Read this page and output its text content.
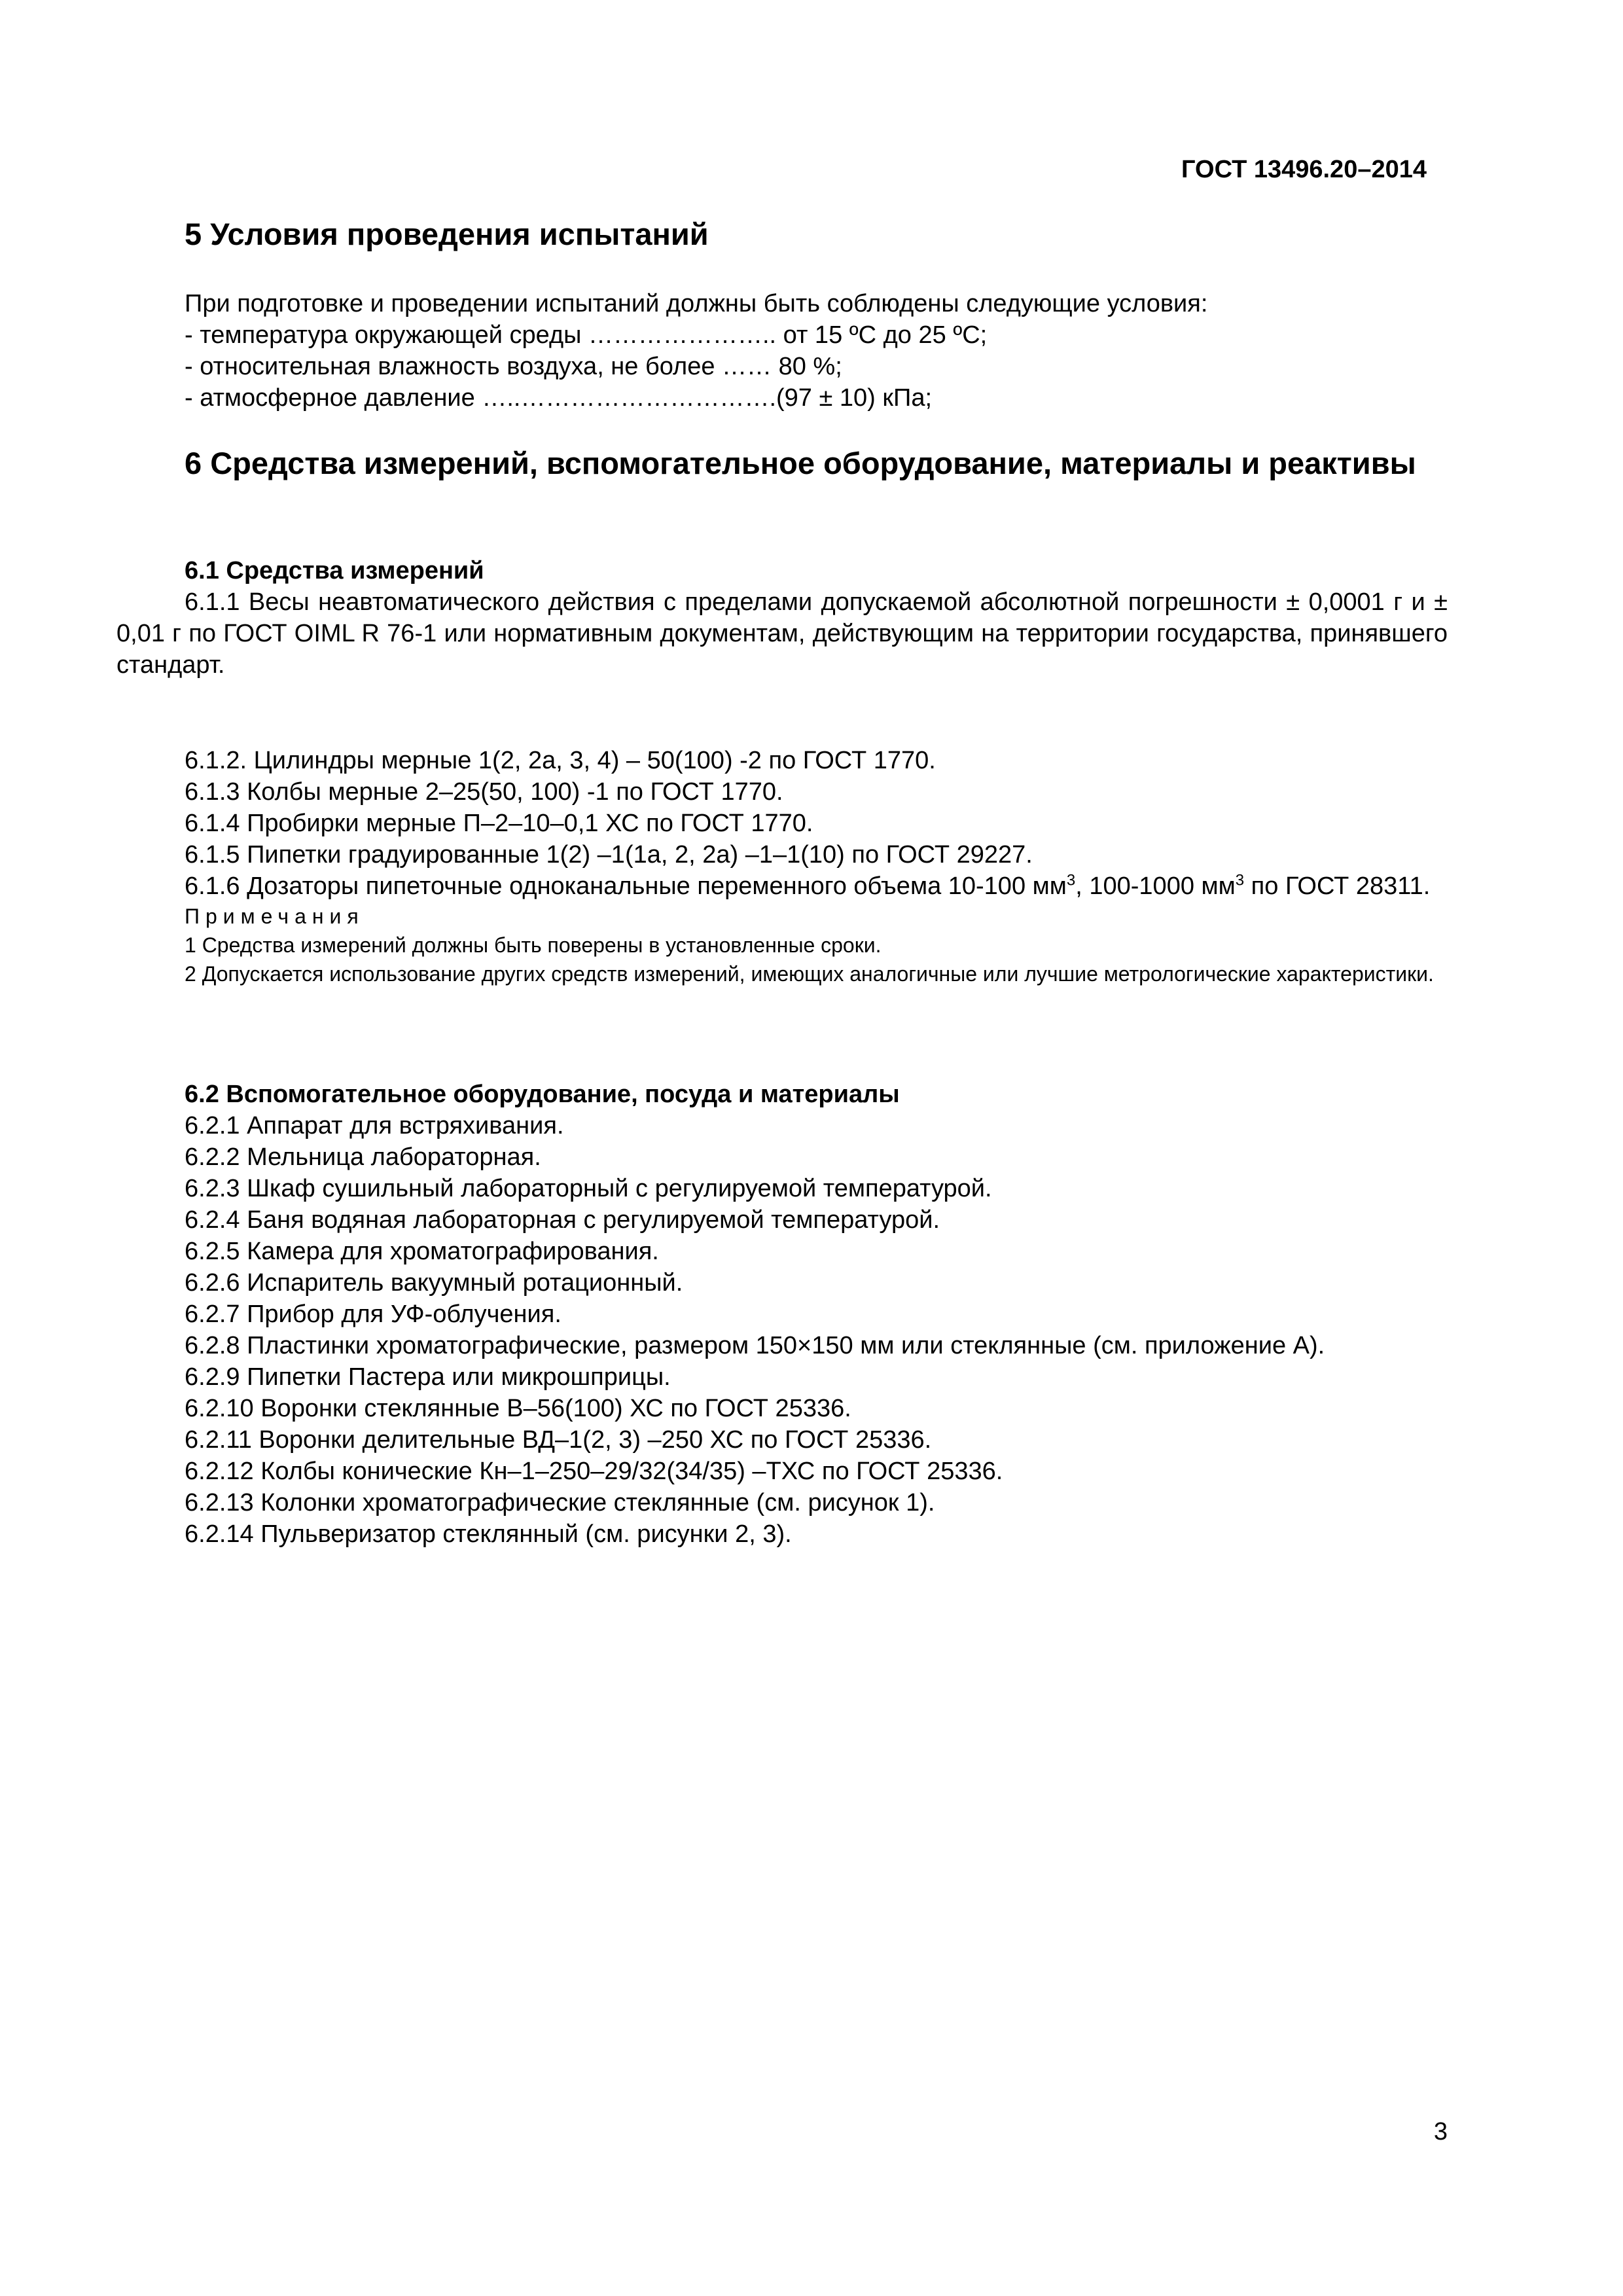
ГОСТ 13496.20–2014
5 Условия проведения испытаний
При подготовке и проведении испытаний должны быть соблюдены следующие условия:
- температура окружающей среды ………………….. от 15 ºС до 25 ºС;
- относительная влажность воздуха, не более …… 80 %;
- атмосферное давление …..………………………….(97 ± 10) кПа;
6 Средства измерений, вспомогательное оборудование, материалы и реактивы
6.1 Средства измерений
6.1.1 Весы неавтоматического действия с пределами допускаемой абсолютной погрешности ± 0,0001 г и ± 0,01 г по ГОСТ OIML R 76-1 или нормативным документам, действующим на территории государства, принявшего стандарт.
6.1.2. Цилиндры мерные 1(2, 2а, 3, 4) – 50(100) -2 по ГОСТ 1770.
6.1.3 Колбы мерные 2–25(50, 100) -1 по ГОСТ 1770.
6.1.4 Пробирки мерные П–2–10–0,1 ХС по ГОСТ 1770.
6.1.5 Пипетки градуированные 1(2) –1(1а, 2, 2а) –1–1(10) по ГОСТ 29227.
6.1.6 Дозаторы пипеточные одноканальные переменного объема 10-100 $мм^3$, 100-1000 $мм^3$ по ГОСТ 28311.
Примечания
1 Средства измерений должны быть поверены в установленные сроки.
2 Допускается использование других средств измерений, имеющих аналогичные или лучшие метрологические характеристики.
6.2 Вспомогательное оборудование, посуда и материалы
6.2.1 Аппарат для встряхивания.
6.2.2 Мельница лабораторная.
6.2.3 Шкаф сушильный лабораторный с регулируемой температурой.
6.2.4 Баня водяная лабораторная с регулируемой температурой.
6.2.5 Камера для хроматографирования.
6.2.6 Испаритель вакуумный ротационный.
6.2.7 Прибор для УФ-облучения.
6.2.8 Пластинки хроматографические, размером 150×150 мм или стеклянные (см. приложение А).
6.2.9 Пипетки Пастера или микрошприцы.
6.2.10 Воронки стеклянные В–56(100) ХС по ГОСТ 25336.
6.2.11 Воронки делительные ВД–1(2, 3) –250 ХС по ГОСТ 25336.
6.2.12 Колбы конические Кн–1–250–29/32(34/35) –ТХС по ГОСТ 25336.
6.2.13 Колонки хроматографические стеклянные (см. рисунок 1).
6.2.14 Пульверизатор стеклянный (см. рисунки 2, 3).
3
